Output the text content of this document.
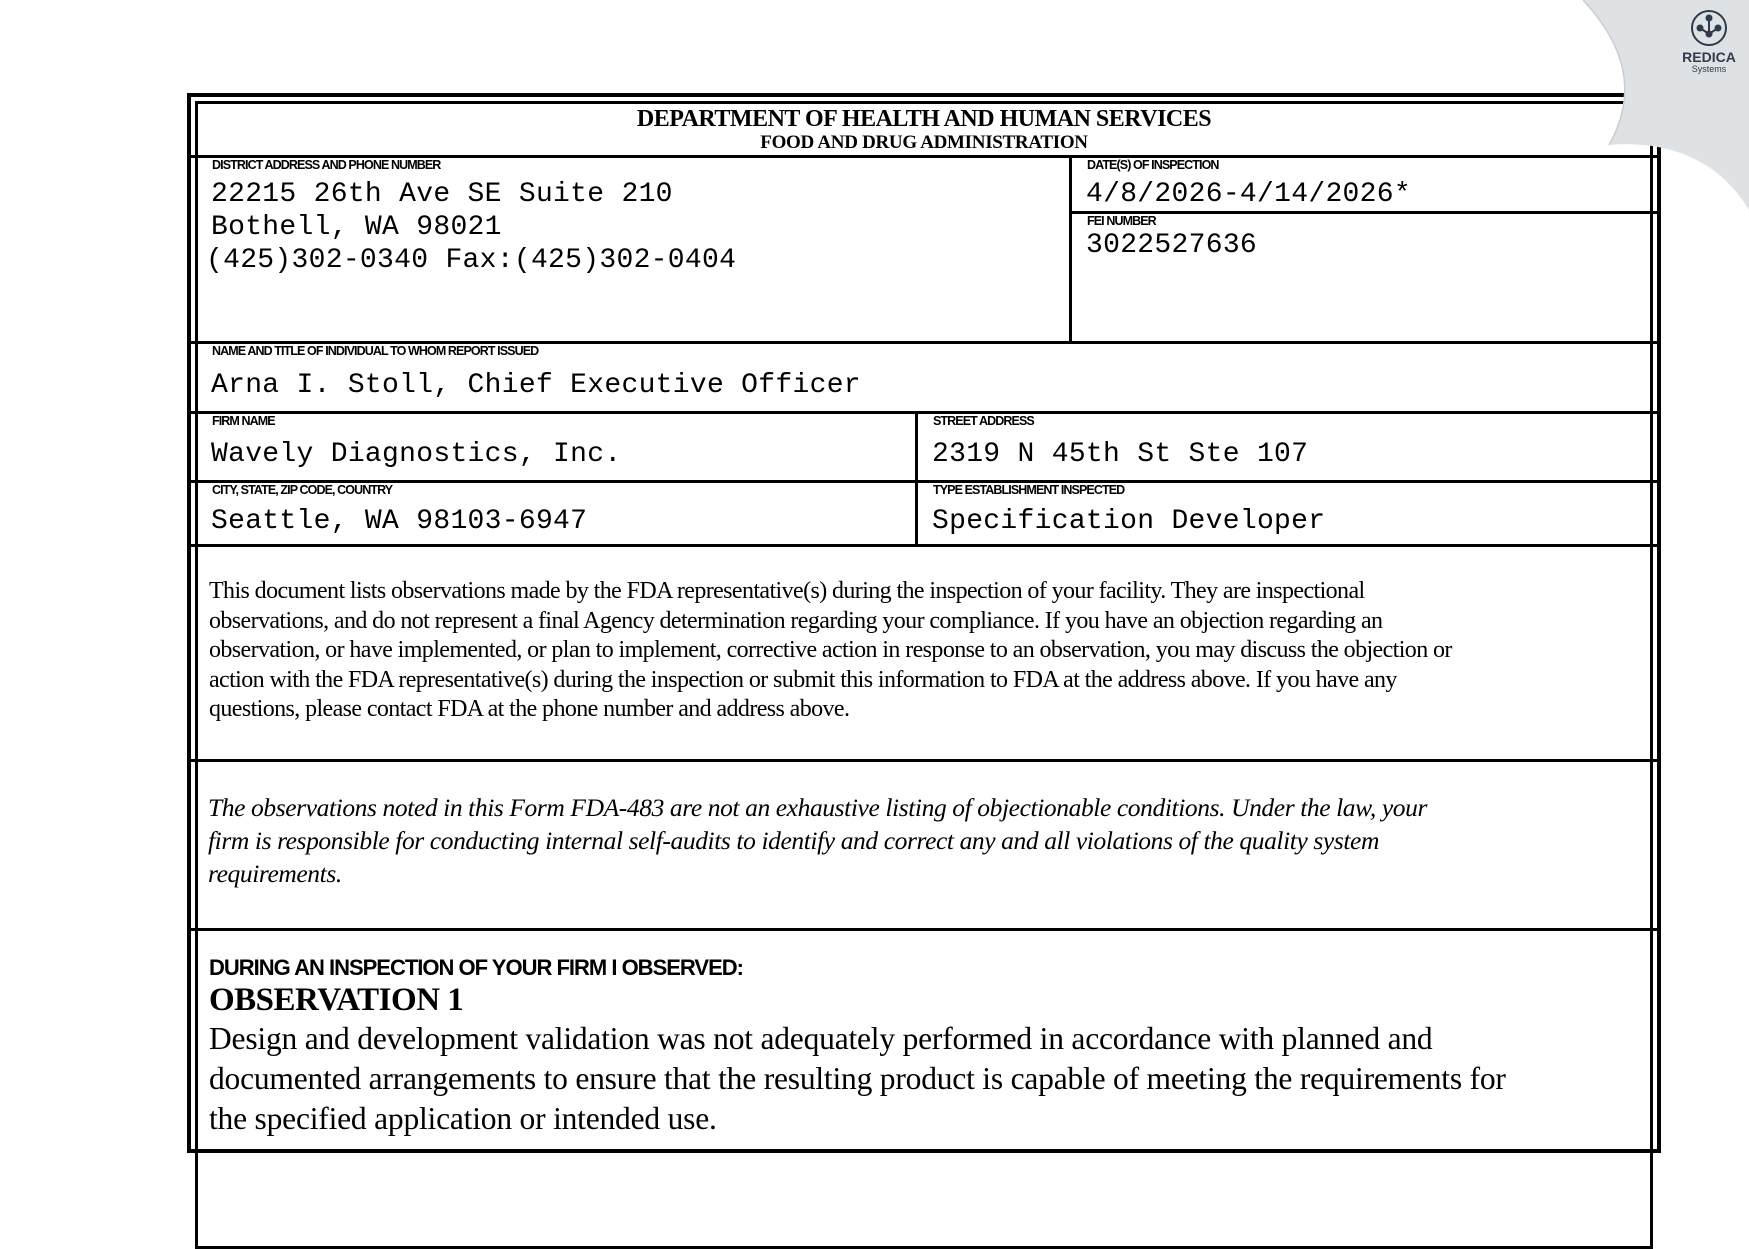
DEPARTMENT OF HEALTH AND HUMAN SERVICES
FOOD AND DRUG ADMINISTRATION
DISTRICT ADDRESS AND PHONE NUMBER
22215 26th Ave SE Suite 210
Bothell, WA 98021
(425)302-0340 Fax:(425)302-0404
DATE(S) OF INSPECTION
4/8/2026-4/14/2026*
FEI NUMBER
3022527636
NAME AND TITLE OF INDIVIDUAL TO WHOM REPORT ISSUED
Arna I. Stoll, Chief Executive Officer
FIRM NAME
Wavely Diagnostics, Inc.
STREET ADDRESS
2319 N 45th St Ste 107
CITY, STATE, ZIP CODE, COUNTRY
Seattle, WA 98103-6947
TYPE ESTABLISHMENT INSPECTED
Specification Developer
This document lists observations made by the FDA representative(s) during the inspection of your facility. They are inspectional
observations, and do not represent a final Agency determination regarding your compliance. If you have an objection regarding an
observation, or have implemented, or plan to implement, corrective action in response to an observation, you may discuss the objection or
action with the FDA representative(s) during the inspection or submit this information to FDA at the address above. If you have any
questions, please contact FDA at the phone number and address above.
The observations noted in this Form FDA-483 are not an exhaustive listing of objectionable conditions. Under the law, your
firm is responsible for conducting internal self-audits to identify and correct any and all violations of the quality system
requirements.
DURING AN INSPECTION OF YOUR FIRM I OBSERVED:
OBSERVATION 1
Design and development validation was not adequately performed in accordance with planned and
documented arrangements to ensure that the resulting product is capable of meeting the requirements for
the specified application or intended use.
REDICA
Systems
